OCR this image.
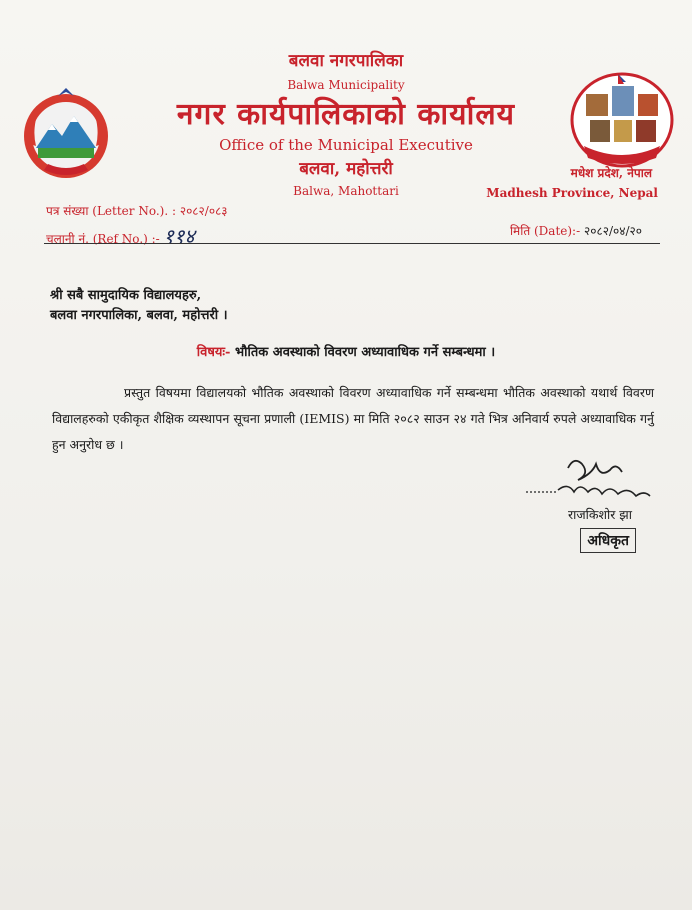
बलवा नगरपालिका
Balwa Municipality
नगर कार्यपालिकाको कार्यालय
Office of the Municipal Executive
बलवा, महोत्तरी
Balwa, Mahottari
मधेश प्रदेश, नेपाल
Madhesh Province, Nepal
पत्र संख्या (Letter No.). : २०८२/०८३
चलानी नं. (Ref No.) :- ११४	मिति (Date):- २०८२/०४/२०
श्री सबै सामुदायिक विद्यालयहरु,
बलवा नगरपालिका, बलवा, महोत्तरी ।
विषयः- भौतिक अवस्थाको विवरण अध्यावाधिक गर्ने सम्बन्धमा ।
प्रस्तुत विषयमा विद्यालयको भौतिक अवस्थाको विवरण अध्यावाधिक गर्ने सम्बन्धमा भौतिक अवस्थाको यथार्थ विवरण विद्यालहरुको एकीकृत शैक्षिक व्यस्थापन सूचना प्रणाली (IEMIS) मा मिति २०८२ साउन २४ गते भित्र अनिवार्य रुपले अध्यावाधिक गर्नु हुन अनुरोध छ ।
राजकिशोर झा
अधिकृत
